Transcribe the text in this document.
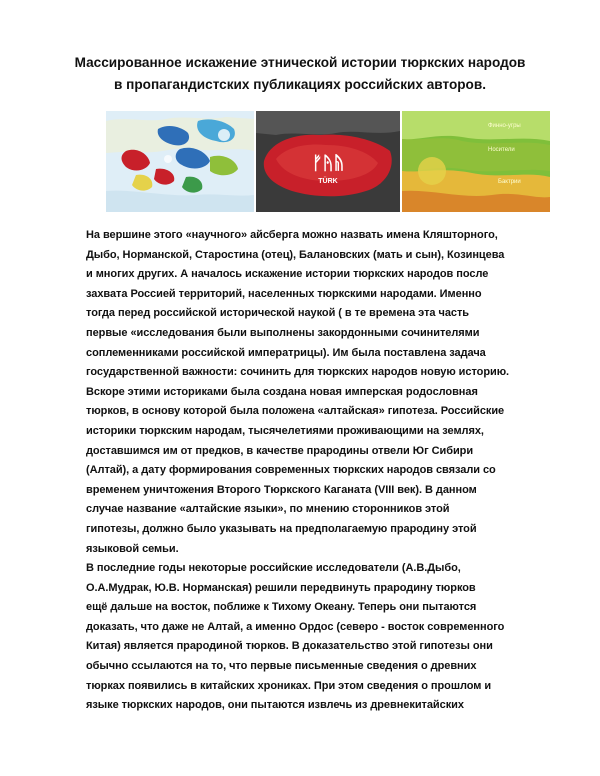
Массированное искажение этнической истории тюркских народов
в пропагандистских публикациях российских авторов.
ᚠᚤᚥ
TÜRK
Финно-угры
Носители
Бактрии
На вершине этого «научного» айсберга можно назвать имена Кляшторного,
Дыбо, Норманской, Старостина (отец), Балановских (мать и сын), Козинцева
и многих других. А началось искажение истории тюркских народов после
захвата Россией территорий, населенных тюркскими народами. Именно
тогда перед российской исторической наукой ( в те времена эта часть
первые «исследования были выполнены закордонными сочинителями
соплеменниками российской императрицы). Им была поставлена задача
государственной важности: сочинить для тюркских народов новую историю.
Вскоре этими историками была создана новая имперская родословная
тюрков, в основу которой была положена «алтайская» гипотеза. Российские
историки тюркским народам, тысячелетиями проживающими на землях,
доставшимся им от предков, в качестве прародины отвели Юг Сибири
(Алтай), а дату формирования современных тюркских народов связали со
временем уничтожения Второго Тюркского Каганата (VIII век). В данном
случае название «алтайские языки», по мнению сторонников этой
гипотезы, должно было указывать на предполагаемую прародину этой
языковой семьи.
В последние годы некоторые российские исследователи (А.В.Дыбо,
О.А.Мудрак, Ю.В. Норманская) решили передвинуть прародину тюрков
ещё дальше на восток, поближе к Тихому Океану. Теперь они пытаются
доказать, что даже не Алтай, а именно Ордос (северо - восток современного
Китая) является прародиной тюрков. В доказательство этой гипотезы они
обычно ссылаются на то, что первые письменные сведения о древних
тюрках появились в китайских хрониках. При этом сведения о прошлом и
языке тюркских народов, они пытаются извлечь из древнекитайских
